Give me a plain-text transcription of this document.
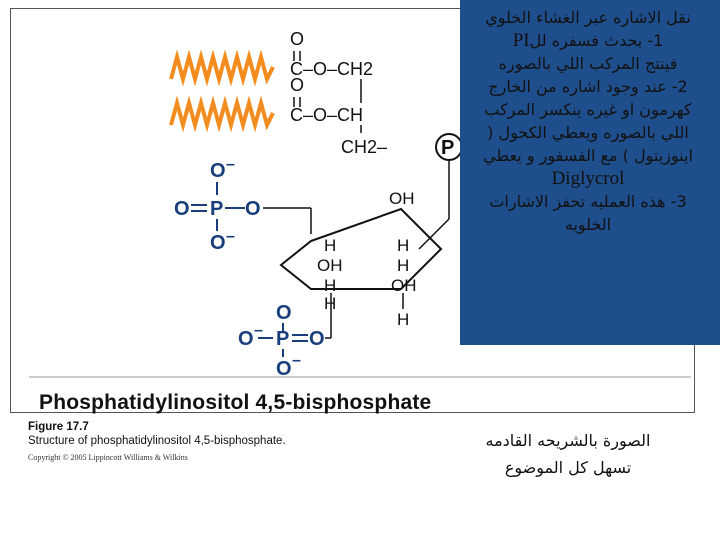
O
C–O–CH2
O
C–O–CH
CH2–	P
O –
O P O
O –
OH
H
OH
H
H
H
OH
H
H
O
O – P O
O –
Phosphatidylinositol 4,5-bisphosphate
Figure 17.7
Structure of phosphatidylinositol 4,5-bisphosphate.
Copyright © 2005 Lippincott Williams & Wilkins

نقل الاشاره عبر الغشاء الخلوي

1- يحدث فسفره للPI

فينتج المركب اللي بالصوره

2- عند وجود اشاره من الخارج

كهرمون او غيره ينكسر المركب

اللي بالصوره ويعطي الكحول (

اينوزيتول ) مع الفسفور و يعطي

Diglycrol

3- هذه العمليه تحفز الاشارات

الخلويه

الصورة بالشريحه القادمه

تسهل كل الموضوع
